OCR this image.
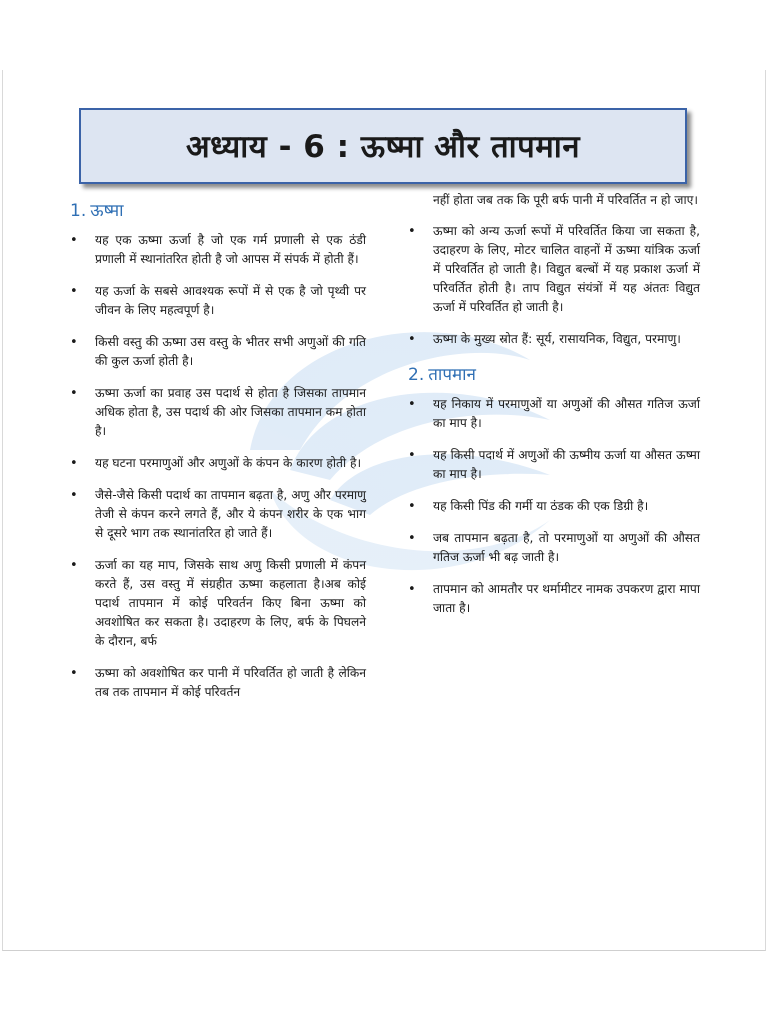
अध्याय - 6 : ऊष्मा और तापमान
1. ऊष्मा
• यह एक ऊष्मा ऊर्जा है जो एक गर्म प्रणाली से एक ठंडी प्रणाली में स्थानांतरित होती है जो आपस में संपर्क में होती हैं।
• यह ऊर्जा के सबसे आवश्यक रूपों में से एक है जो पृथ्वी पर जीवन के लिए महत्वपूर्ण है।
• किसी वस्तु की ऊष्मा उस वस्तु के भीतर सभी अणुओं की गति की कुल ऊर्जा होती है।
• ऊष्मा ऊर्जा का प्रवाह उस पदार्थ से होता है जिसका तापमान अधिक होता है, उस पदार्थ की ओर जिसका तापमान कम होता है।
• यह घटना परमाणुओं और अणुओं के कंपन के कारण होती है।
• जैसे-जैसे किसी पदार्थ का तापमान बढ़ता है, अणु और परमाणु तेजी से कंपन करने लगते हैं, और ये कंपन शरीर के एक भाग से दूसरे भाग तक स्थानांतरित हो जाते हैं।
• ऊर्जा का यह माप, जिसके साथ अणु किसी प्रणाली में कंपन करते हैं, उस वस्तु में संग्रहीत ऊष्मा कहलाता है।अब कोई पदार्थ तापमान में कोई परिवर्तन किए बिना ऊष्मा को अवशोषित कर सकता है। उदाहरण के लिए, बर्फ के पिघलने के दौरान, बर्फ
• ऊष्मा को अवशोषित कर पानी में परिवर्तित हो जाती है लेकिन तब तक तापमान में कोई परिवर्तन

नहीं होता जब तक कि पूरी बर्फ पानी में परिवर्तित न हो जाए।

• ऊष्मा को अन्य ऊर्जा रूपों में परिवर्तित किया जा सकता है, उदाहरण के लिए, मोटर चालित वाहनों में ऊष्मा यांत्रिक ऊर्जा में परिवर्तित हो जाती है। विद्युत बल्बों में यह प्रकाश ऊर्जा में परिवर्तित होती है। ताप विद्युत संयंत्रों में यह अंततः विद्युत ऊर्जा में परिवर्तित हो जाती है।
• ऊष्मा के मुख्य स्रोत हैं: सूर्य, रासायनिक, विद्युत, परमाणु।
2. तापमान
• यह निकाय में परमाणुओं या अणुओं की औसत गतिज ऊर्जा का माप है।
• यह किसी पदार्थ में अणुओं की ऊष्मीय ऊर्जा या औसत ऊष्मा का माप है।
• यह किसी पिंड की गर्मी या ठंडक की एक डिग्री है।
• जब तापमान बढ़ता है, तो परमाणुओं या अणुओं की औसत गतिज ऊर्जा भी बढ़ जाती है।
• तापमान को आमतौर पर थर्मामीटर नामक उपकरण द्वारा मापा जाता है।
